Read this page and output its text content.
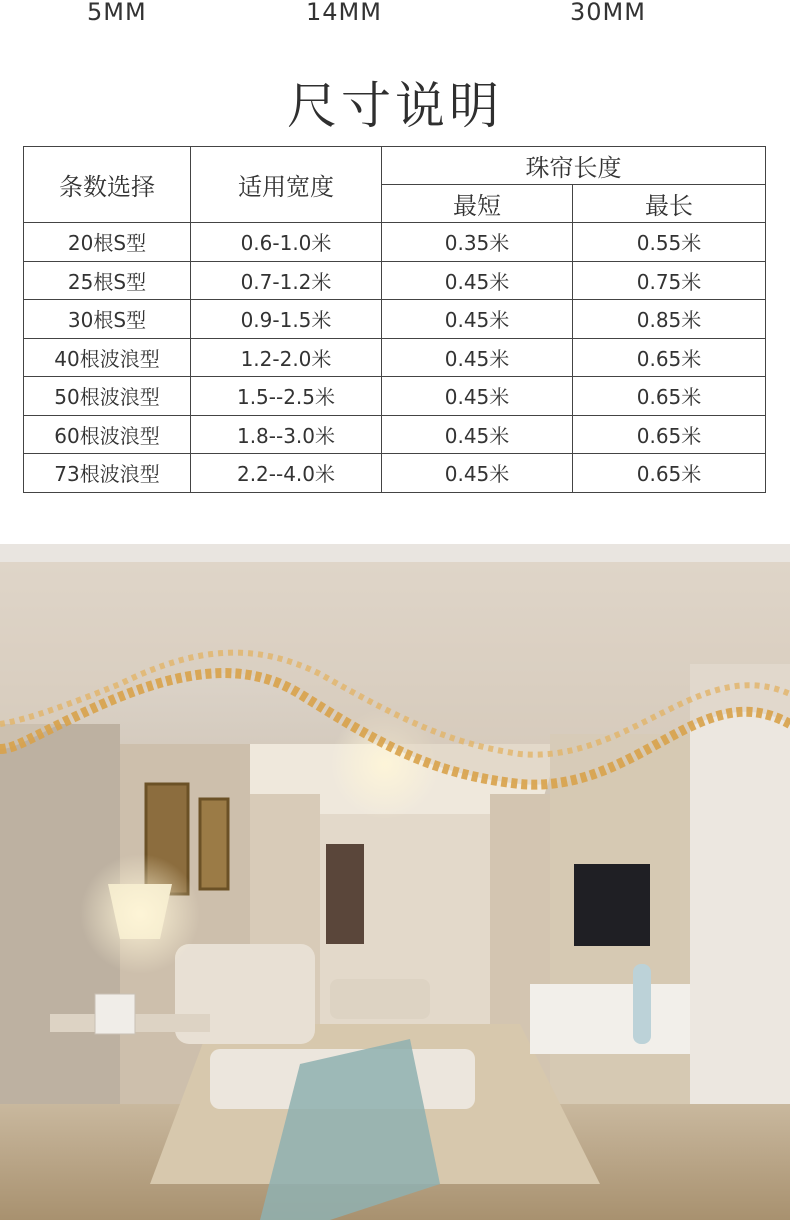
5MM	14MM	30MM
尺寸说明
条数选择	适用宽度	珠帘长度	
		最短	最长
20根S型	0.6-1.0米	0.35米	0.55米
25根S型	0.7-1.2米	0.45米	0.75米
30根S型	0.9-1.5米	0.45米	0.85米
40根波浪型	1.2-2.0米	0.45米	0.65米
50根波浪型	1.5--2.5米	0.45米	0.65米
60根波浪型	1.8--3.0米	0.45米	0.65米
73根波浪型	2.2--4.0米	0.45米	0.65米
